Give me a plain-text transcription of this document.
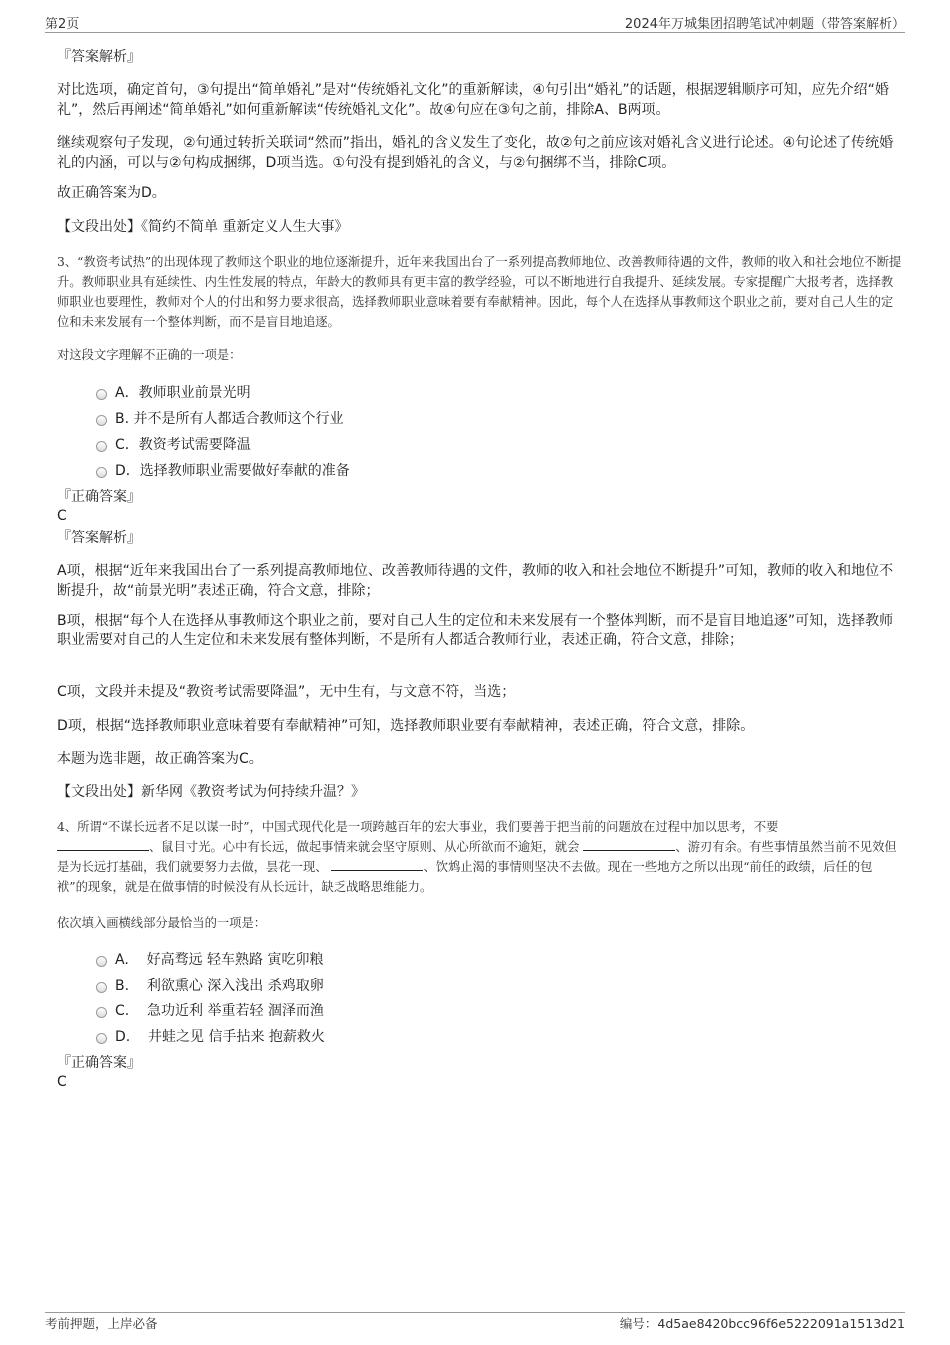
第2页	2024年万城集团招聘笔试冲刺题（带答案解析）
『答案解析』
对比选项，确定首句，③句提出“简单婚礼”是对“传统婚礼文化”的重新解读，④句引出“婚礼”的话题，根据逻辑顺序可知，应先介绍“婚礼”，然后再阐述“简单婚礼”如何重新解读“传统婚礼文化”。故④句应在③句之前，排除A、B两项。
继续观察句子发现，②句通过转折关联词“然而”指出，婚礼的含义发生了变化，故②句之前应该对婚礼含义进行论述。④句论述了传统婚礼的内涵，可以与②句构成捆绑，D项当选。①句没有提到婚礼的含义，与②句捆绑不当，排除C项。
故正确答案为D。
【文段出处】《简约不简单 重新定义人生大事》
3、“教资考试热”的出现体现了教师这个职业的地位逐渐提升，近年来我国出台了一系列提高教师地位、改善教师待遇的文件，教师的收入和社会地位不断提升。教师职业具有延续性、内生性发展的特点，年龄大的教师具有更丰富的教学经验，可以不断地进行自我提升、延续发展。专家提醒广大报考者，选择教师职业也要理性，教师对个人的付出和努力要求很高，选择教师职业意味着要有奉献精神。因此，每个人在选择从事教师这个职业之前，要对自己人生的定位和未来发展有一个整体判断，而不是盲目地追逐。
对这段文字理解不正确的一项是：
A．教师职业前景光明
B. 并不是所有人都适合教师这个行业
C．教资考试需要降温
D．选择教师职业需要做好奉献的准备
『正确答案』
C
『答案解析』
A项，根据“近年来我国出台了一系列提高教师地位、改善教师待遇的文件，教师的收入和社会地位不断提升”可知，教师的收入和地位不断提升，故“前景光明”表述正确，符合文意，排除；
B项，根据“每个人在选择从事教师这个职业之前，要对自己人生的定位和未来发展有一个整体判断，而不是盲目地追逐”可知，选择教师职业需要对自己的人生定位和未来发展有整体判断，不是所有人都适合教师行业，表述正确，符合文意，排除；
C项，文段并未提及“教资考试需要降温”，无中生有，与文意不符，当选；
D项，根据“选择教师职业意味着要有奉献精神”可知，选择教师职业要有奉献精神，表述正确，符合文意，排除。
本题为选非题，故正确答案为C。
【文段出处】新华网《教资考试为何持续升温？》
4、所谓“不谋长远者不足以谋一时”，中国式现代化是一项跨越百年的宏大事业，我们要善于把当前的问题放在过程中加以思考，不要
、鼠目寸光。心中有长远，做起事情来就会坚守原则、从心所欲而不逾矩，就会	、游刃有余。有些事情虽然当前不见效但是为长远打基础，我们就要努力去做，昙花一现、	、饮鸩止渴的事情则坚决不去做。现在一些地方之所以出现“前任的政绩，后任的包袱”的现象，就是在做事情的时候没有从长远计，缺乏战略思维能力。
依次填入画横线部分最恰当的一项是：
A.    好高骛远 轻车熟路 寅吃卯粮
B.    利欲熏心 深入浅出 杀鸡取卵
C.    急功近利 举重若轻 涸泽而渔
D.    井蛙之见 信手拈来 抱薪救火
『正确答案』
C
考前押题，上岸必备	编号：4d5ae8420bcc96f6e5222091a1513d21
